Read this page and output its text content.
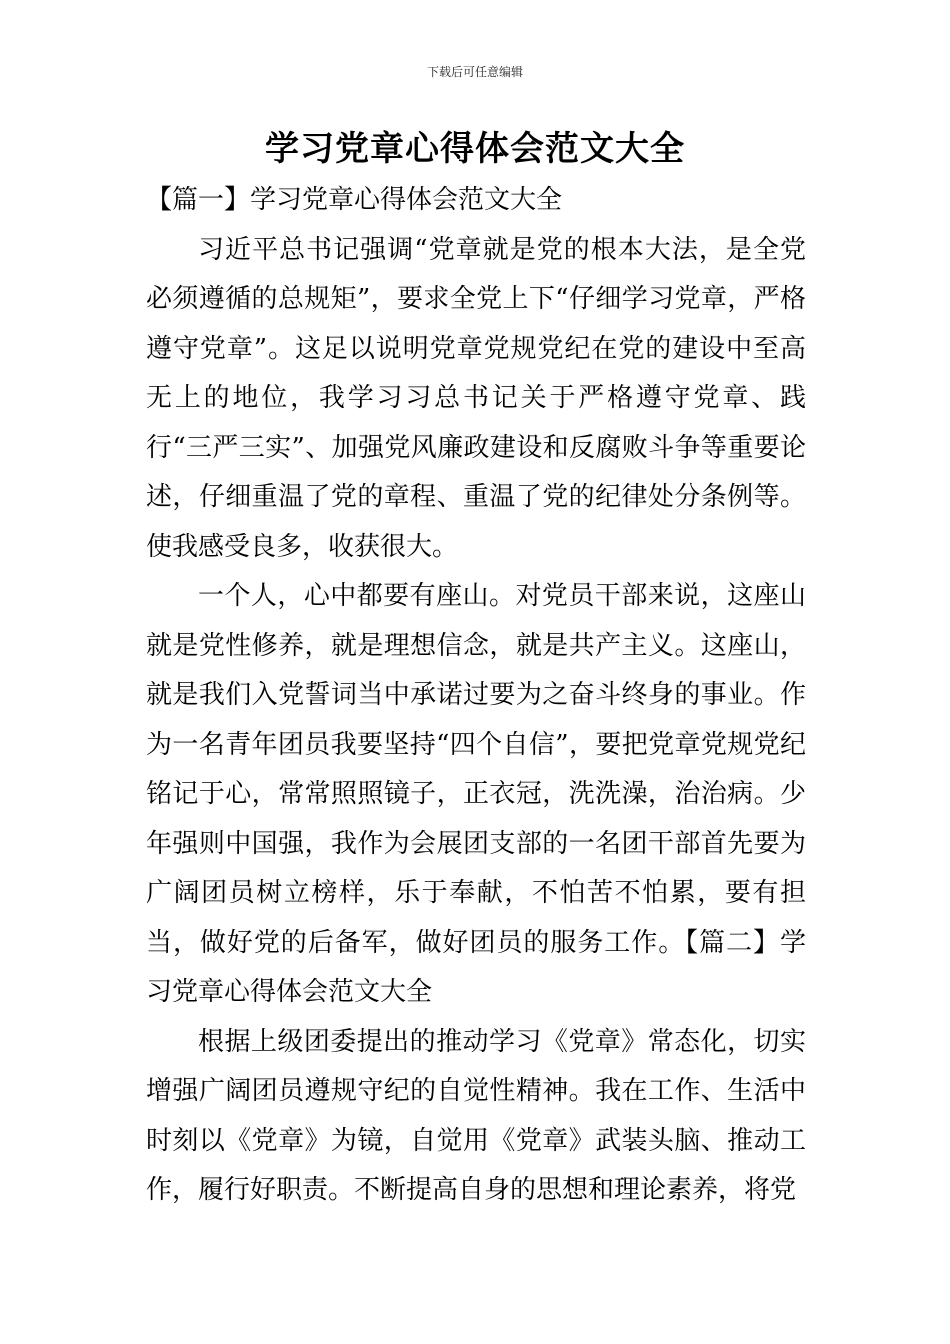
下载后可任意编辑
学习党章心得体会范文大全

【篇一】学习党章心得体会范文大全

习近平总书记强调“党章就是党的根本大法，是全党必须遵循的总规矩”，要求全党上下“仔细学习党章，严格遵守党章”。这足以说明党章党规党纪在党的建设中至高无上的地位，我学习习总书记关于严格遵守党章、践行“三严三实”、加强党风廉政建设和反腐败斗争等重要论述，仔细重温了党的章程、重温了党的纪律处分条例等。使我感受良多，收获很大。

一个人，心中都要有座山。对党员干部来说，这座山就是党性修养，就是理想信念，就是共产主义。这座山，就是我们入党誓词当中承诺过要为之奋斗终身的事业。作为一名青年团员我要坚持“四个自信”，要把党章党规党纪铭记于心，常常照照镜子，正衣冠，洗洗澡，治治病。少年强则中国强，我作为会展团支部的一名团干部首先要为广阔团员树立榜样，乐于奉献，不怕苦不怕累，要有担当，做好党的后备军，做好团员的服务工作。【篇二】学习党章心得体会范文大全

根据上级团委提出的推动学习《党章》常态化，切实增强广阔团员遵规守纪的自觉性精神。我在工作、生活中时刻以《党章》为镜，自觉用《党章》武装头脑、推动工作，履行好职责。不断提高自身的思想和理论素养，将党
